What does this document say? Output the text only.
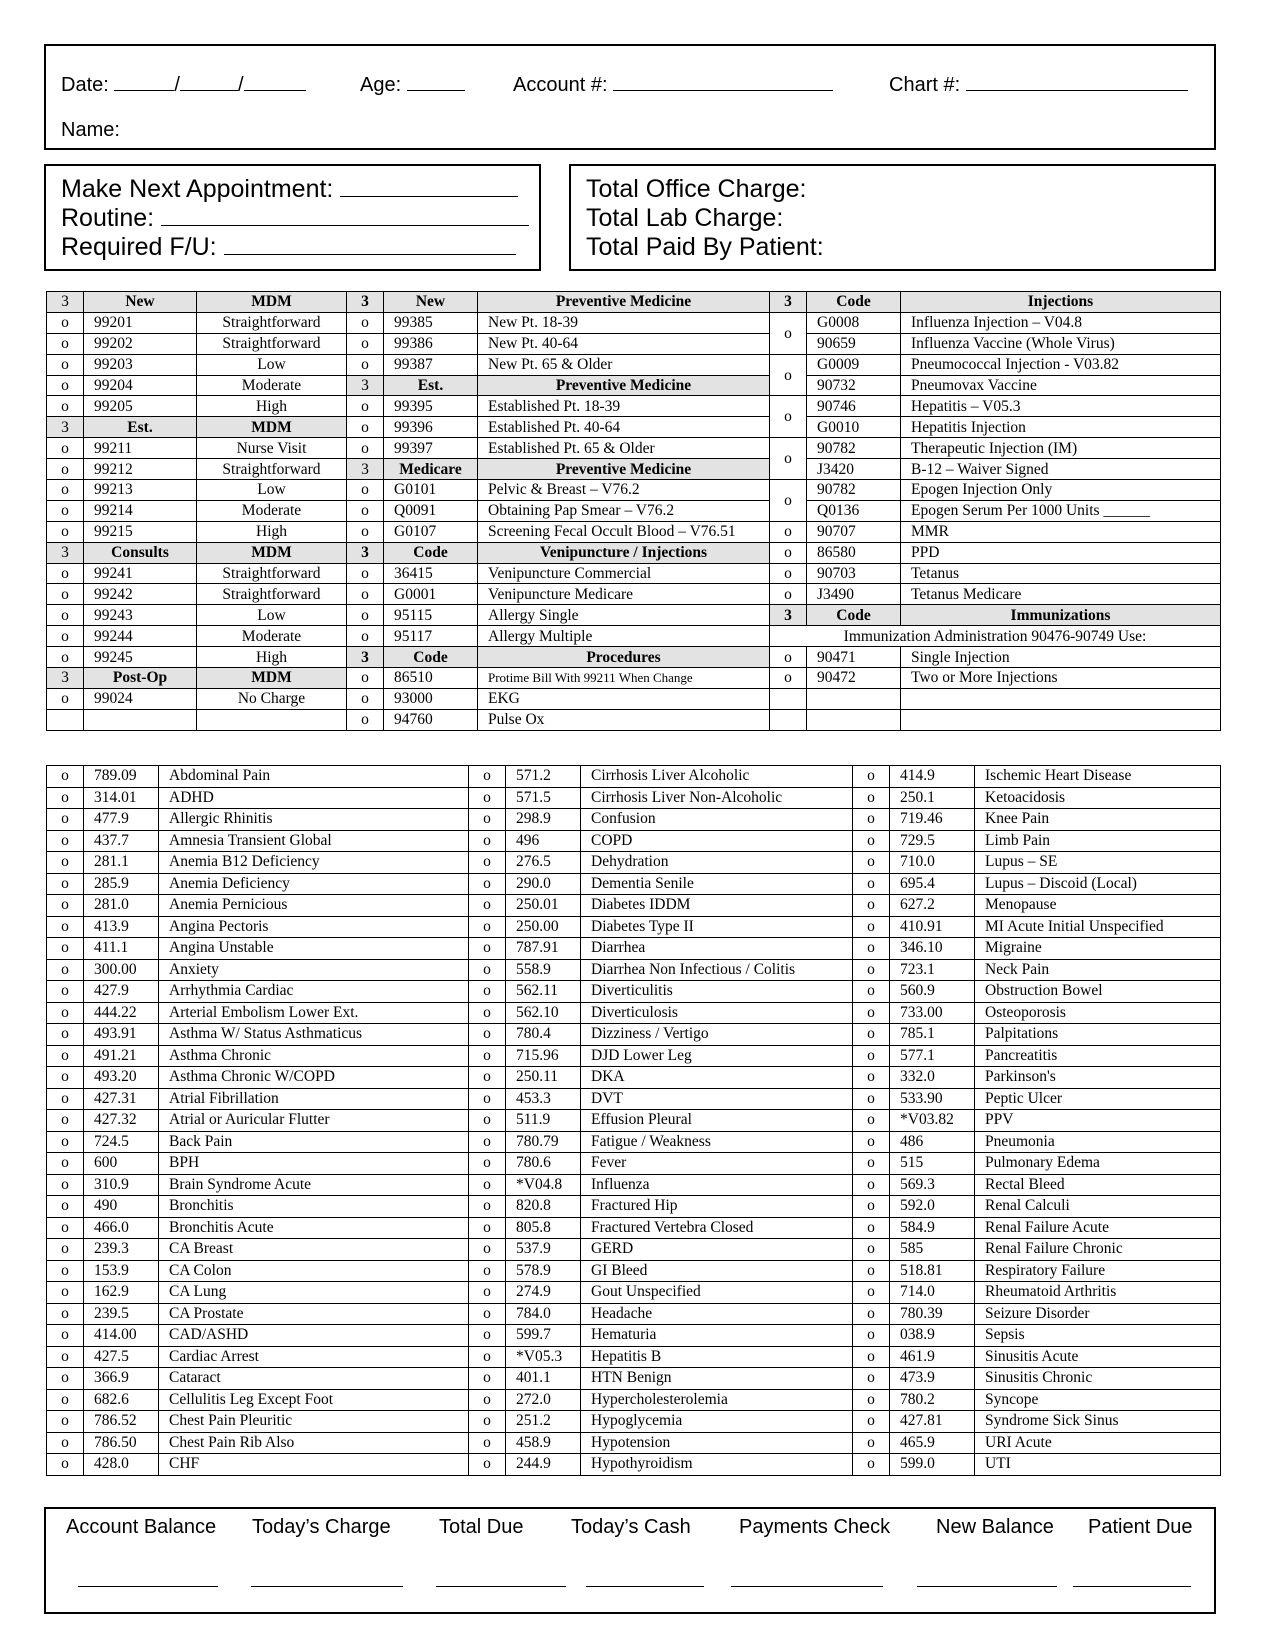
Date:	/	/	Age:	Account #:	Chart #:
Name:
Make Next Appointment:
Routine:
Required F/U:
Total Office Charge:
Total Lab Charge:
Total Paid By Patient:
3	New	MDM	3	New	Preventive Medicine	3	Code	Injections
o	99201	Straightforward	o	99385	New Pt. 18-39	o	G0008	Influenza Injection – V04.8
o	99202	Straightforward	o	99386	New Pt. 40-64		90659	Influenza Vaccine (Whole Virus)
o	99203	Low	o	99387	New Pt. 65 & Older	o	G0009	Pneumococcal Injection - V03.82
o	99204	Moderate	3	Est.	Preventive Medicine		90732	Pneumovax Vaccine
o	99205	High	o	99395	Established Pt. 18-39	o	90746	Hepatitis – V05.3
3	Est.	MDM	o	99396	Established Pt. 40-64		G0010	Hepatitis Injection
o	99211	Nurse Visit	o	99397	Established Pt. 65 & Older	o	90782	Therapeutic Injection (IM)
o	99212	Straightforward	3	Medicare	Preventive Medicine		J3420	B-12 – Waiver Signed
o	99213	Low	o	G0101	Pelvic & Breast – V76.2	o	90782	Epogen Injection Only
o	99214	Moderate	o	Q0091	Obtaining Pap Smear – V76.2		Q0136	Epogen Serum Per 1000 Units ______
o	99215	High	o	G0107	Screening Fecal Occult Blood – V76.51	o	90707	MMR
3	Consults	MDM	3	Code	Venipuncture / Injections	o	86580	PPD
o	99241	Straightforward	o	36415	Venipuncture Commercial	o	90703	Tetanus
o	99242	Straightforward	o	G0001	Venipuncture Medicare	o	J3490	Tetanus Medicare
o	99243	Low	o	95115	Allergy Single	3	Code	Immunizations
o	99244	Moderate	o	95117	Allergy Multiple	Immunization Administration 90476-90749 Use:		
o	99245	High	3	Code	Procedures	o	90471	Single Injection
3	Post-Op	MDM	o	86510	Protime Bill With 99211 When Change	o	90472	Two or More Injections
o	99024	No Charge	o	93000	EKG			
			o	94760	Pulse Ox			
o	789.09	Abdominal Pain	o	571.2	Cirrhosis Liver Alcoholic	o	414.9	Ischemic Heart Disease
o	314.01	ADHD	o	571.5	Cirrhosis Liver Non-Alcoholic	o	250.1	Ketoacidosis
o	477.9	Allergic Rhinitis	o	298.9	Confusion	o	719.46	Knee Pain
o	437.7	Amnesia Transient Global	o	496	COPD	o	729.5	Limb Pain
o	281.1	Anemia B12 Deficiency	o	276.5	Dehydration	o	710.0	Lupus – SE
o	285.9	Anemia Deficiency	o	290.0	Dementia Senile	o	695.4	Lupus – Discoid (Local)
o	281.0	Anemia Pernicious	o	250.01	Diabetes IDDM	o	627.2	Menopause
o	413.9	Angina Pectoris	o	250.00	Diabetes Type II	o	410.91	MI Acute Initial Unspecified
o	411.1	Angina Unstable	o	787.91	Diarrhea	o	346.10	Migraine
o	300.00	Anxiety	o	558.9	Diarrhea Non Infectious / Colitis	o	723.1	Neck Pain
o	427.9	Arrhythmia Cardiac	o	562.11	Diverticulitis	o	560.9	Obstruction Bowel
o	444.22	Arterial Embolism Lower Ext.	o	562.10	Diverticulosis	o	733.00	Osteoporosis
o	493.91	Asthma W/ Status Asthmaticus	o	780.4	Dizziness / Vertigo	o	785.1	Palpitations
o	491.21	Asthma Chronic	o	715.96	DJD Lower Leg	o	577.1	Pancreatitis
o	493.20	Asthma Chronic W/COPD	o	250.11	DKA	o	332.0	Parkinson's
o	427.31	Atrial Fibrillation	o	453.3	DVT	o	533.90	Peptic Ulcer
o	427.32	Atrial or Auricular Flutter	o	511.9	Effusion Pleural	o	*V03.82	PPV
o	724.5	Back Pain	o	780.79	Fatigue / Weakness	o	486	Pneumonia
o	600	BPH	o	780.6	Fever	o	515	Pulmonary Edema
o	310.9	Brain Syndrome Acute	o	*V04.8	Influenza	o	569.3	Rectal Bleed
o	490	Bronchitis	o	820.8	Fractured Hip	o	592.0	Renal Calculi
o	466.0	Bronchitis Acute	o	805.8	Fractured Vertebra Closed	o	584.9	Renal Failure Acute
o	239.3	CA Breast	o	537.9	GERD	o	585	Renal Failure Chronic
o	153.9	CA Colon	o	578.9	GI Bleed	o	518.81	Respiratory Failure
o	162.9	CA Lung	o	274.9	Gout Unspecified	o	714.0	Rheumatoid Arthritis
o	239.5	CA Prostate	o	784.0	Headache	o	780.39	Seizure Disorder
o	414.00	CAD/ASHD	o	599.7	Hematuria	o	038.9	Sepsis
o	427.5	Cardiac Arrest	o	*V05.3	Hepatitis B	o	461.9	Sinusitis Acute
o	366.9	Cataract	o	401.1	HTN Benign	o	473.9	Sinusitis Chronic
o	682.6	Cellulitis Leg Except Foot	o	272.0	Hypercholesterolemia	o	780.2	Syncope
o	786.52	Chest Pain Pleuritic	o	251.2	Hypoglycemia	o	427.81	Syndrome Sick Sinus
o	786.50	Chest Pain Rib Also	o	458.9	Hypotension	o	465.9	URI Acute
o	428.0	CHF	o	244.9	Hypothyroidism	o	599.0	UTI
Account Balance Today’s Charge Total Due Today’s Cash Payments Check New Balance Patient Due
